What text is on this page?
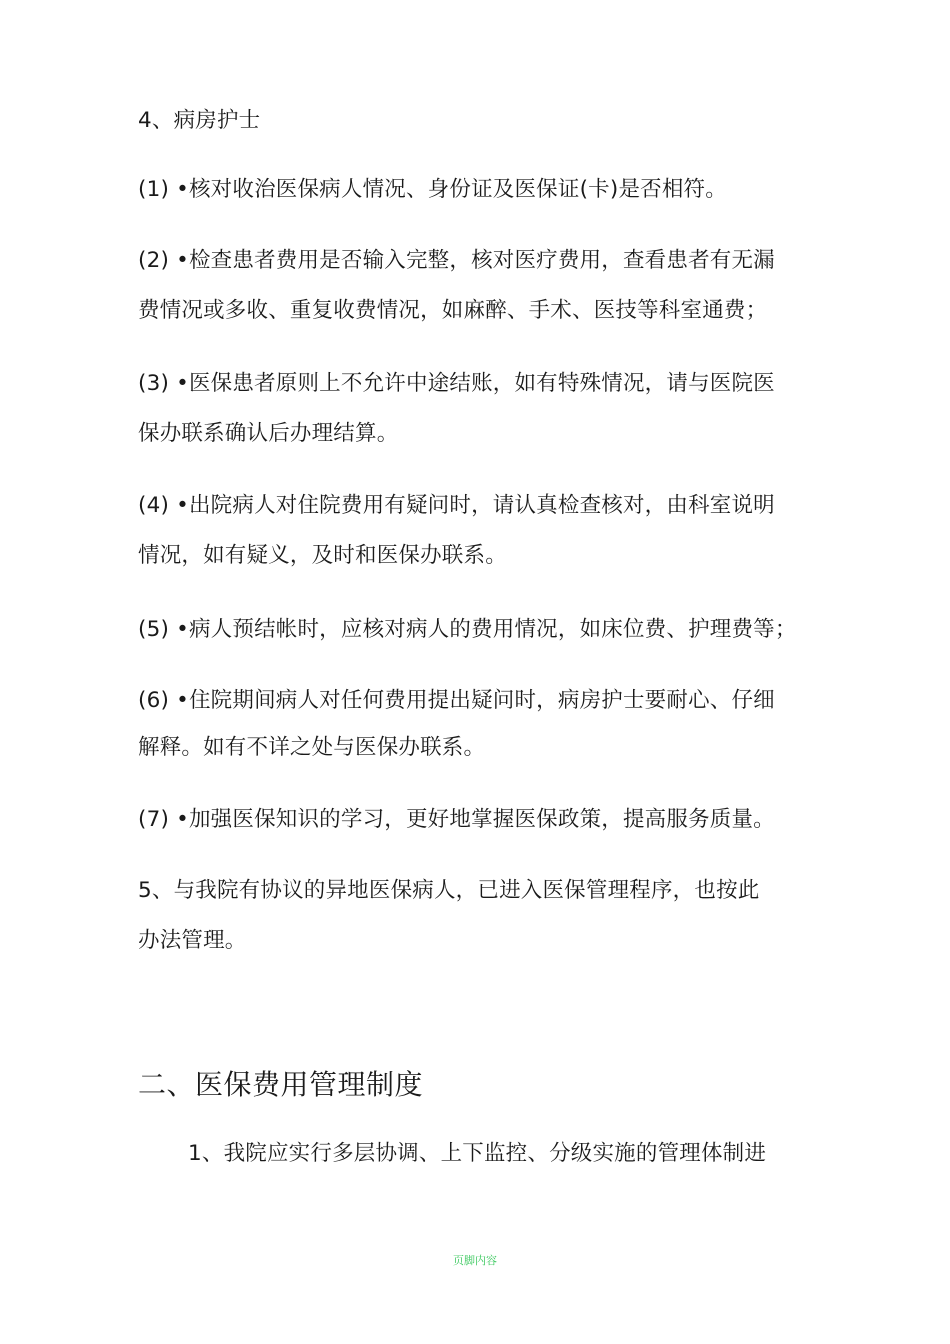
4、病房护士
(1) •核对收治医保病人情况、身份证及医保证(卡)是否相符。
(2) •检查患者费用是否输入完整，核对医疗费用，查看患者有无漏
费情况或多收、重复收费情况，如麻醉、手术、医技等科室通费；
(3) •医保患者原则上不允许中途结账，如有特殊情况，请与医院医
保办联系确认后办理结算。
(4) •出院病人对住院费用有疑问时，请认真检查核对，由科室说明
情况，如有疑义，及时和医保办联系。
(5) •病人预结帐时，应核对病人的费用情况，如床位费、护理费等；
(6) •住院期间病人对任何费用提出疑问时，病房护士要耐心、仔细
解释。如有不详之处与医保办联系。
(7) •加强医保知识的学习，更好地掌握医保政策，提高服务质量。
5、与我院有协议的异地医保病人，已进入医保管理程序，也按此
办法管理。
二、医保费用管理制度
1、我院应实行多层协调、上下监控、分级实施的管理体制进
页脚内容
